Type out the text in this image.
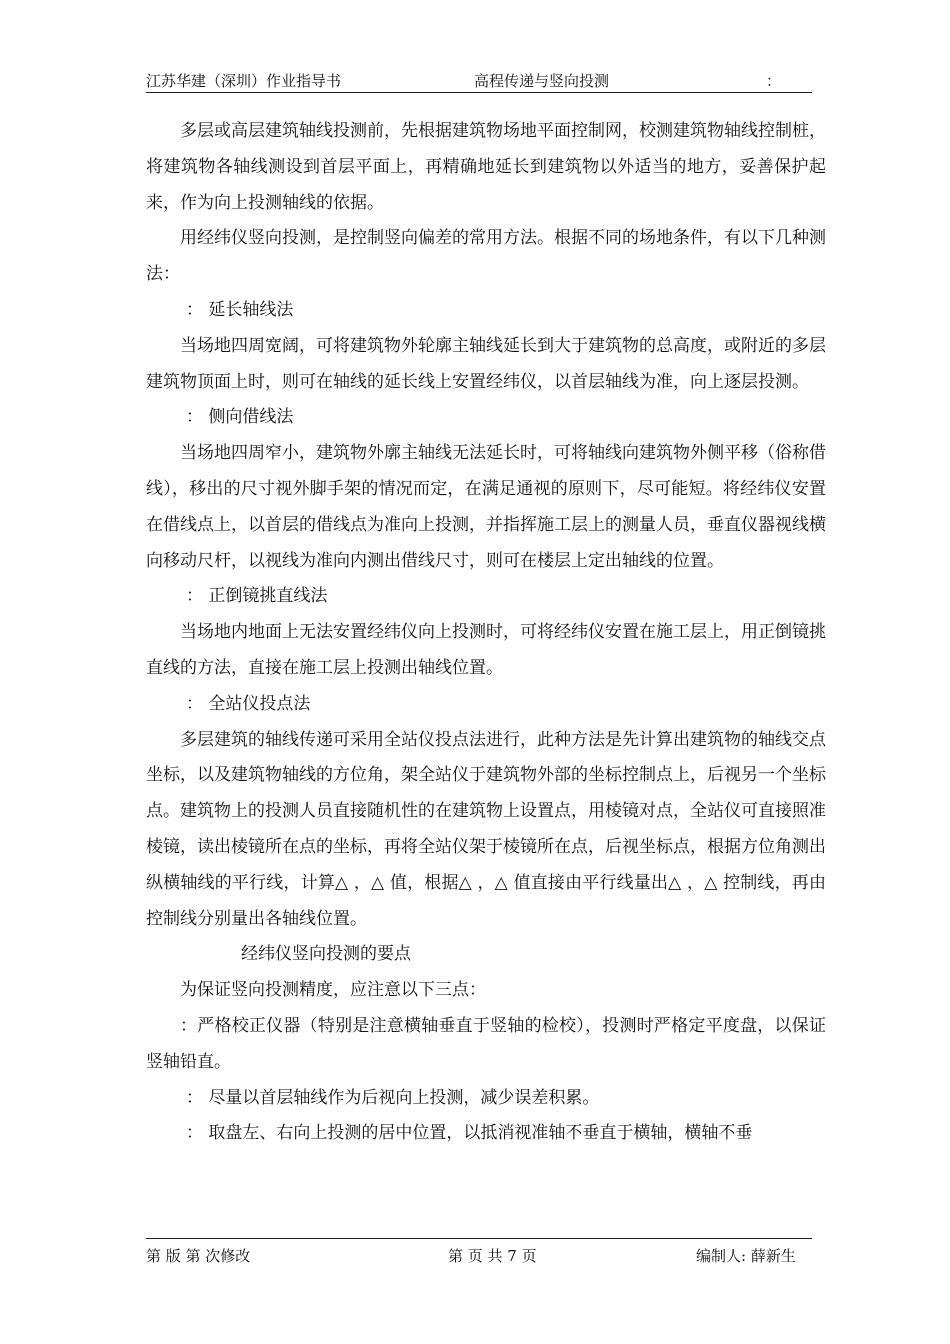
江苏华建（深圳）作业指导书	高程传递与竖向投测	：

多层或高层建筑轴线投测前，先根据建筑物场地平面控制网，校测建筑物轴线控制桩，将建筑物各轴线测设到首层平面上，再精确地延长到建筑物以外适当的地方，妥善保护起来，作为向上投测轴线的依据。

用经纬仪竖向投测，是控制竖向偏差的常用方法。根据不同的场地条件，有以下几种测法：

： 延长轴线法

当场地四周宽阔，可将建筑物外轮廓主轴线延长到大于建筑物的总高度，或附近的多层建筑物顶面上时，则可在轴线的延长线上安置经纬仪，以首层轴线为准，向上逐层投测。

： 侧向借线法

当场地四周窄小，建筑物外廓主轴线无法延长时，可将轴线向建筑物外侧平移（俗称借线），移出的尺寸视外脚手架的情况而定，在满足通视的原则下，尽可能短。将经纬仪安置在借线点上，以首层的借线点为准向上投测，并指挥施工层上的测量人员，垂直仪器视线横向移动尺杆，以视线为准向内测出借线尺寸，则可在楼层上定出轴线的位置。

： 正倒镜挑直线法

当场地内地面上无法安置经纬仪向上投测时，可将经纬仪安置在施工层上，用正倒镜挑直线的方法，直接在施工层上投测出轴线位置。

： 全站仪投点法

多层建筑的轴线传递可采用全站仪投点法进行，此种方法是先计算出建筑物的轴线交点坐标，以及建筑物轴线的方位角，架全站仪于建筑物外部的坐标控制点上，后视另一个坐标点。建筑物上的投测人员直接随机性的在建筑物上设置点，用棱镜对点，全站仪可直接照准棱镜，读出棱镜所在点的坐标，再将全站仪架于棱镜所在点，后视坐标点，根据方位角测出纵横轴线的平行线，计算△ ，△ 值，根据△ ，△ 值直接由平行线量出△ ，△ 控制线，再由控制线分别量出各轴线位置。

经纬仪竖向投测的要点

为保证竖向投测精度，应注意以下三点：

：严格校正仪器（特别是注意横轴垂直于竖轴的检校），投测时严格定平度盘，以保证竖轴铅直。

： 尽量以首层轴线作为后视向上投测，减少误差积累。

： 取盘左、右向上投测的居中位置，以抵消视准轴不垂直于横轴，横轴不垂

第 版 第 次修改	第 页 共 7 页	编制人: 薛新生
